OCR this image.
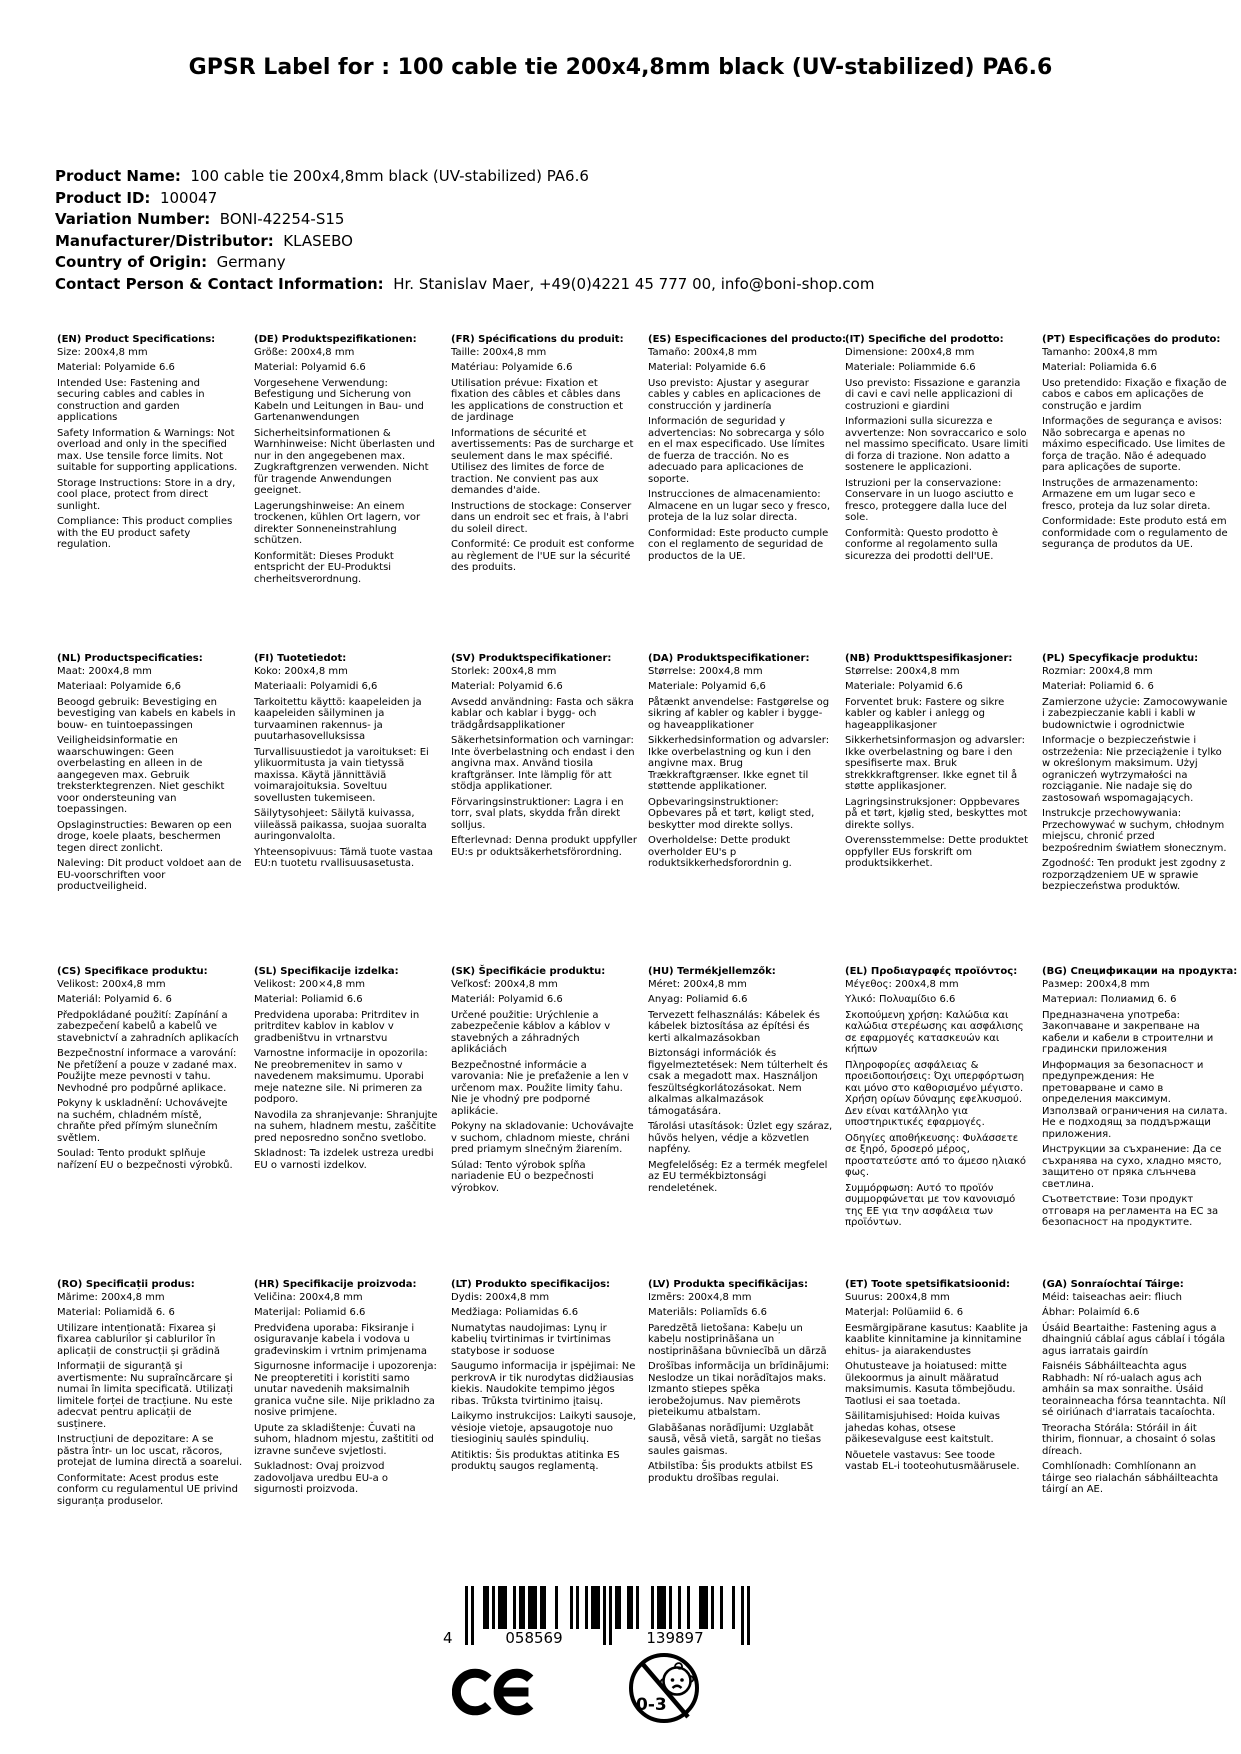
GPSR Label for : 100 cable tie 200x4,8mm black (UV-stabilized) PA6.6
Product Name:  100 cable tie 200x4,8mm black (UV-stabilized) PA6.6
Product ID:  100047
Variation Number:  BONI-42254-S15
Manufacturer/Distributor:  KLASEBO
Country of Origin:  Germany
Contact Person & Contact Information:  Hr. Stanislav Maer, +49(0)4221 45 777 00, info@boni-shop.com
(EN) Product Specifications:
Size: 200x4,8 mm
Material: Polyamide 6.6
Intended Use: Fastening and securing cables and cables in construction and garden applications
Safety Information & Warnings: Not overload and only in the specified max. Use tensile force limits. Not suitable for supporting applications.
Storage Instructions: Store in a dry, cool place, protect from direct sunlight.
Compliance: This product complies with the EU product safety regulation.
(DE) Produktspezifikationen:
Größe: 200x4,8 mm
Material: Polyamid 6.6
Vorgesehene Verwendung: Befestigung und Sicherung von Kabeln und Leitungen in Bau- und Gartenanwendungen
Sicherheitsinformationen & Warnhinweise: Nicht überlasten und nur in den angegebenen max. Zugkraftgrenzen verwenden. Nicht für tragende Anwendungen geeignet.
Lagerungshinweise: An einem trockenen, kühlen Ort lagern, vor direkter Sonneneinstrahlung schützen.
Konformität: Dieses Produkt entspricht der EU-Produktsi cherheitsverordnung.
(FR) Spécifications du produit:
Taille: 200x4,8 mm
Matériau: Polyamide 6.6
Utilisation prévue: Fixation et fixation des câbles et câbles dans les applications de construction et de jardinage
Informations de sécurité et avertissements: Pas de surcharge et seulement dans le max spécifié. Utilisez des limites de force de traction. Ne convient pas aux demandes d'aide.
Instructions de stockage: Conserver dans un endroit sec et frais, à l'abri du soleil direct.
Conformité: Ce produit est conforme au règlement de l'UE sur la sécurité des produits.
(ES) Especificaciones del producto:
Tamaño: 200x4,8 mm
Material: Polyamide 6.6
Uso previsto: Ajustar y asegurar cables y cables en aplicaciones de construcción y jardinería
Información de seguridad y advertencias: No sobrecarga y sólo en el max especificado. Use límites de fuerza de tracción. No es adecuado para aplicaciones de soporte.
Instrucciones de almacenamiento: Almacene en un lugar seco y fresco, proteja de la luz solar directa.
Conformidad: Este producto cumple con el reglamento de seguridad de productos de la UE.
(IT) Specifiche del prodotto:
Dimensione: 200x4,8 mm
Materiale: Poliammide 6.6
Uso previsto: Fissazione e garanzia di cavi e cavi nelle applicazioni di costruzioni e giardini
Informazioni sulla sicurezza e avvertenze: Non sovraccarico e solo nel massimo specificato. Usare limiti di forza di trazione. Non adatto a sostenere le applicazioni.
Istruzioni per la conservazione: Conservare in un luogo asciutto e fresco, proteggere dalla luce del sole.
Conformità: Questo prodotto è conforme al regolamento sulla sicurezza dei prodotti dell'UE.
(PT) Especificações do produto:
Tamanho: 200x4,8 mm
Material: Poliamida 6.6
Uso pretendido: Fixação e fixação de cabos e cabos em aplicações de construção e jardim
Informações de segurança e avisos: Não sobrecarga e apenas no máximo especificado. Use limites de força de tração. Não é adequado para aplicações de suporte.
Instruções de armazenamento: Armazene em um lugar seco e fresco, proteja da luz solar direta.
Conformidade: Este produto está em conformidade com o regulamento de segurança de produtos da UE.
(NL) Productspecificaties:
Maat: 200x4,8 mm
Materiaal: Polyamide 6,6
Beoogd gebruik: Bevestiging en bevestiging van kabels en kabels in bouw- en tuintoepassingen
Veiligheidsinformatie en waarschuwingen: Geen overbelasting en alleen in de aangegeven max. Gebruik treksterktegrenzen. Niet geschikt voor ondersteuning van toepassingen.
Opslaginstructies: Bewaren op een droge, koele plaats, beschermen tegen direct zonlicht.
Naleving: Dit product voldoet aan de EU-voorschriften voor productveiligheid.
(FI) Tuotetiedot:
Koko: 200x4,8 mm
Materiaali: Polyamidi 6,6
Tarkoitettu käyttö: kaapeleiden ja kaapeleiden säilyminen ja turvaaminen rakennus- ja puutarhasovelluksissa
Turvallisuustiedot ja varoitukset: Ei ylikuormitusta ja vain tietyssä maxissa. Käytä jännittäviä voimarajoituksia. Soveltuu sovellusten tukemiseen.
Säilytysohjeet: Säilytä kuivassa, viileässä paikassa, suojaa suoralta auringonvalolta.
Yhteensopivuus: Tämä tuote vastaa EU:n tuotetu rvallisuusasetusta.
(SV) Produktspecifikationer:
Storlek: 200x4,8 mm
Material: Polyamid 6.6
Avsedd användning: Fasta och säkra kablar och kablar i bygg- och trädgårdsapplikationer
Säkerhetsinformation och varningar: Inte överbelastning och endast i den angivna max. Använd tiosila kraftgränser. Inte lämplig för att stödja applikationer.
Förvaringsinstruktioner: Lagra i en torr, sval plats, skydda från direkt solljus.
Efterlevnad: Denna produkt uppfyller EU:s pr oduktsäkerhetsförordning.
(DA) Produktspecifikationer:
Størrelse: 200x4,8 mm
Materiale: Polyamid 6,6
Påtænkt anvendelse: Fastgørelse og sikring af kabler og kabler i bygge- og haveapplikationer
Sikkerhedsinformation og advarsler: Ikke overbelastning og kun i den angivne max. Brug Trækkraftgrænser. Ikke egnet til støttende applikationer.
Opbevaringsinstruktioner: Opbevares på et tørt, køligt sted, beskytter mod direkte sollys.
Overholdelse: Dette produkt overholder EU's p roduktsikkerhedsforordnin g.
(NB) Produkttspesifikasjoner:
Størrelse: 200x4,8 mm
Materiale: Polyamid 6.6
Forventet bruk: Fastere og sikre kabler og kabler i anlegg og hageapplikasjoner
Sikkerhetsinformasjon og advarsler: Ikke overbelastning og bare i den spesifiserte max. Bruk strekkkraftgrenser. Ikke egnet til å støtte applikasjoner.
Lagringsinstruksjoner: Oppbevares på et tørt, kjølig sted, beskyttes mot direkte sollys.
Overensstemmelse: Dette produktet oppfyller EUs forskrift om produktsikkerhet.
(PL) Specyfikacje produktu:
Rozmiar: 200x4,8 mm
Materiał: Poliamid 6. 6
Zamierzone użycie: Zamocowywanie i zabezpieczanie kabli i kabli w budownictwie i ogrodnictwie
Informacje o bezpieczeństwie i ostrzeżenia: Nie przeciążenie i tylko w określonym maksimum. Użyj ograniczeń wytrzymałości na rozciąganie. Nie nadaje się do zastosowań wspomagających.
Instrukcje przechowywania: Przechowywać w suchym, chłodnym miejscu, chronić przed bezpośrednim światłem słonecznym.
Zgodność: Ten produkt jest zgodny z rozporządzeniem UE w sprawie bezpieczeństwa produktów.
(CS) Specifikace produktu:
Velikost: 200x4,8 mm
Materiál: Polyamid 6. 6
Předpokládané použití: Zapínání a zabezpečení kabelů a kabelů ve stavebnictví a zahradních aplikacích
Bezpečnostní informace a varování: Ne přetížení a pouze v zadané max. Použijte meze pevnosti v tahu. Nevhodné pro podpůrné aplikace.
Pokyny k uskladnění: Uchovávejte na suchém, chladném místě, chraňte před přímým slunečním světlem.
Soulad: Tento produkt splňuje nařízení EU o bezpečnosti výrobků.
(SL) Specifikacije izdelka:
Velikost: 200×4,8 mm
Material: Poliamid 6.6
Predvidena uporaba: Pritrditev in pritrditev kablov in kablov v gradbeništvu in vrtnarstvu
Varnostne informacije in opozorila: Ne preobremenitev in samo v navedenem maksimumu. Uporabi meje natezne sile. Ni primeren za podporo.
Navodila za shranjevanje: Shranjujte na suhem, hladnem mestu, zaščitite pred neposredno sončno svetlobo.
Skladnost: Ta izdelek ustreza uredbi EU o varnosti izdelkov.
(SK) Špecifikácie produktu:
Veľkosť: 200x4,8 mm
Materiál: Polyamid 6.6
Určené použitie: Urýchlenie a zabezpečenie káblov a káblov v stavebných a záhradných aplikáciách
Bezpečnostné informácie a varovania: Nie je preťaženie a len v určenom max. Použite limity ťahu. Nie je vhodný pre podporné aplikácie.
Pokyny na skladovanie: Uchovávajte v suchom, chladnom mieste, chráni pred priamym slnečným žiarením.
Súlad: Tento výrobok spĺňa nariadenie EÚ o bezpečnosti výrobkov.
(HU) Termékjellemzők:
Méret: 200x4,8 mm
Anyag: Poliamid 6.6
Tervezett felhasználás: Kábelek és kábelek biztosítása az építési és kerti alkalmazásokban
Biztonsági információk és figyelmeztetések: Nem túlterhelt és csak a megadott max. Használjon feszültségkorlátozásokat. Nem alkalmas alkalmazások támogatására.
Tárolási utasítások: Üzlet egy száraz, hűvös helyen, védje a közvetlen napfény.
Megfelelőség: Ez a termék megfelel az EU termékbiztonsági rendeletének.
(EL) Προδιαγραφές προϊόντος:
Μέγεθος: 200x4,8 mm
Υλικό: Πολυαμίδιο 6.6
Σκοπούμενη χρήση: Καλώδια και καλώδια στερέωσης και ασφάλισης σε εφαρμογές κατασκευών και κήπων
Πληροφορίες ασφάλειας & προειδοποιήσεις: Όχι υπερφόρτωση και μόνο στο καθορισμένο μέγιστο. Χρήση ορίων δύναμης εφελκυσμού. Δεν είναι κατάλληλο για υποστηρικτικές εφαρμογές.
Οδηγίες αποθήκευσης: Φυλάσσετε σε ξηρό, δροσερό μέρος, προστατεύστε από το άμεσο ηλιακό φως.
Συμμόρφωση: Αυτό το προϊόν συμμορφώνεται με τον κανονισμό της ΕΕ για την ασφάλεια των προϊόντων.
(BG) Спецификации на продукта:
Размер: 200x4,8 mm
Материал: Полиамид 6. 6
Предназначена употреба: Закопчаване и закрепване на кабели и кабели в строителни и градински приложения
Информация за безопасност и предупреждения: Не претоварване и само в определения максимум. Използвай ограничения на силата. Не е подходящ за поддържащи приложения.
Инструкции за съхранение: Да се съхранява на сухо, хладно място, защитено от пряка слънчева светлина.
Съответствие: Този продукт отговаря на регламента на ЕС за безопасност на продуктите.
(RO) Specificații produs:
Mărime: 200x4,8 mm
Material: Poliamidă 6. 6
Utilizare intenționată: Fixarea și fixarea cablurilor și cablurilor în aplicații de construcții și grădină
Informații de siguranță și avertismente: Nu supraîncărcare și numai în limita specificată. Utilizați limitele forței de tracțiune. Nu este adecvat pentru aplicații de susținere.
Instrucțiuni de depozitare: A se păstra într- un loc uscat, răcoros, protejat de lumina directă a soarelui.
Conformitate: Acest produs este conform cu regulamentul UE privind siguranța produselor.
(HR) Specifikacije proizvoda:
Veličina: 200x4,8 mm
Materijal: Poliamid 6.6
Predviđena uporaba: Fiksiranje i osiguravanje kabela i vodova u građevinskim i vrtnim primjenama
Sigurnosne informacije i upozorenja: Ne preopteretiti i koristiti samo unutar navedenih maksimalnih granica vučne sile. Nije prikladno za nosive primjene.
Upute za skladištenje: Čuvati na suhom, hladnom mjestu, zaštititi od izravne sunčeve svjetlosti.
Sukladnost: Ovaj proizvod zadovoljava uredbu EU-a o sigurnosti proizvoda.
(LT) Produkto specifikacijos:
Dydis: 200x4,8 mm
Medžiaga: Poliamidas 6.6
Numatytas naudojimas: Lynų ir kabelių tvirtinimas ir tvirtinimas statybose ir soduose
Saugumo informacija ir įspėjimai: Ne perkrovA ir tik nurodytas didžiausias kiekis. Naudokite tempimo jėgos ribas. Trūksta tvirtinimo įtaisų.
Laikymo instrukcijos: Laikyti sausoje, vėsioje vietoje, apsaugotoje nuo tiesioginių saulės spindulių.
Atitiktis: Šis produktas atitinka ES produktų saugos reglamentą.
(LV) Produkta specifikācijas:
Izmērs: 200x4,8 mm
Materiāls: Poliamīds 6.6
Paredzētā lietošana: Kabeļu un kabeļu nostiprināšana un nostiprināšana būvniecībā un dārzā
Drošības informācija un brīdinājumi: Neslodze un tikai norādītajos maks. Izmanto stiepes spēka ierobežojumus. Nav piemērots pieteikumu atbalstam.
Glabāšanas norādījumi: Uzglabāt sausā, vēsā vietā, sargāt no tiešas saules gaismas.
Atbilstība: Šis produkts atbilst ES produktu drošības regulai.
(ET) Toote spetsifikatsioonid:
Suurus: 200x4,8 mm
Materjal: Polüamiid 6. 6
Eesmärgipärane kasutus: Kaablite ja kaablite kinnitamine ja kinnitamine ehitus- ja aiarakendustes
Ohutusteave ja hoiatused: mitte ülekoormus ja ainult määratud maksimumis. Kasuta tõmbejõudu. Taotlusi ei saa toetada.
Säilitamisjuhised: Hoida kuivas jahedas kohas, otsese päikesevalguse eest kaitstult.
Nõuetele vastavus: See toode vastab EL-i tooteohutusmäärusele.
(GA) Sonraíochtaí Táirge:
Méid: taiseachas aeir: fliuch
Ábhar: Polaimíd 6.6
Úsáid Beartaithe: Fastening agus a dhaingniú cáblaí agus cáblaí i tógála agus iarratais gairdín
Faisnéis Sábháilteachta agus Rabhadh: Ní ró-ualach agus ach amháin sa max sonraithe. Úsáid teorainneacha fórsa teanntachta. Níl sé oiriúnach d'iarratais tacaíochta.
Treoracha Stórála: Stóráil in áit thirim, fionnuar, a chosaint ó solas díreach.
Comhlíonadh: Comhlíonann an táirge seo rialachán sábháilteachta táirgí an AE.
4	058569	139897
0-3
